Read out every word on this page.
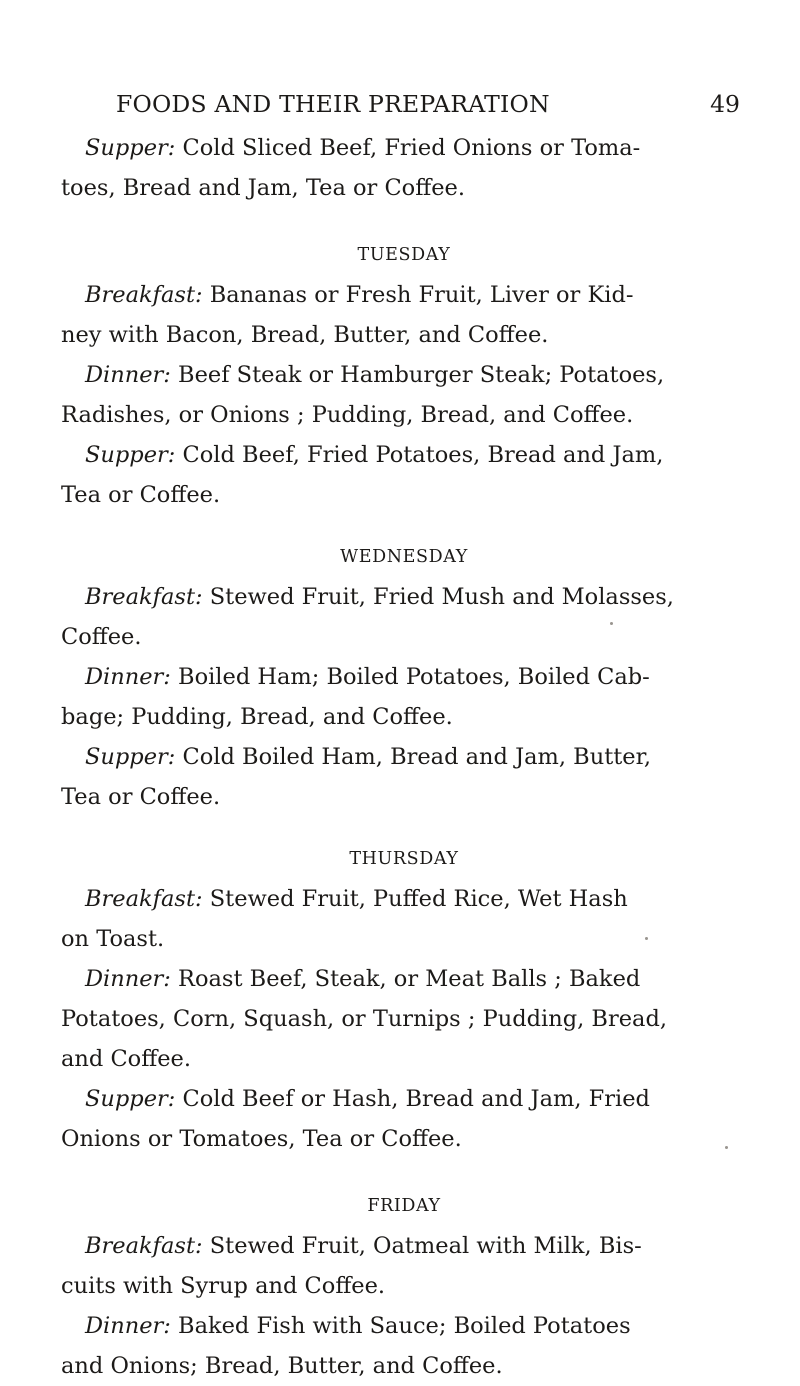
FOODS AND THEIR PREPARATION	49
Supper: Cold Sliced Beef, Fried Onions or Toma-
toes, Bread and Jam, Tea or Coffee.
TUESDAY
Breakfast: Bananas or Fresh Fruit, Liver or Kid-
ney with Bacon, Bread, Butter, and Coffee.
Dinner: Beef Steak or Hamburger Steak; Potatoes,
Radishes, or Onions ; Pudding, Bread, and Coffee.
Supper: Cold Beef, Fried Potatoes, Bread and Jam,
Tea or Coffee.
WEDNESDAY
Breakfast: Stewed Fruit, Fried Mush and Molasses,
Coffee.
Dinner: Boiled Ham; Boiled Potatoes, Boiled Cab-
bage; Pudding, Bread, and Coffee.
Supper: Cold Boiled Ham, Bread and Jam, Butter,
Tea or Coffee.
THURSDAY
Breakfast: Stewed Fruit, Puffed Rice, Wet Hash
on Toast.
Dinner: Roast Beef, Steak, or Meat Balls ; Baked
Potatoes, Corn, Squash, or Turnips ; Pudding, Bread,
and Coffee.
Supper: Cold Beef or Hash, Bread and Jam, Fried
Onions or Tomatoes, Tea or Coffee.
FRIDAY
Breakfast: Stewed Fruit, Oatmeal with Milk, Bis-
cuits with Syrup and Coffee.
Dinner: Baked Fish with Sauce; Boiled Potatoes
and Onions; Bread, Butter, and Coffee.
